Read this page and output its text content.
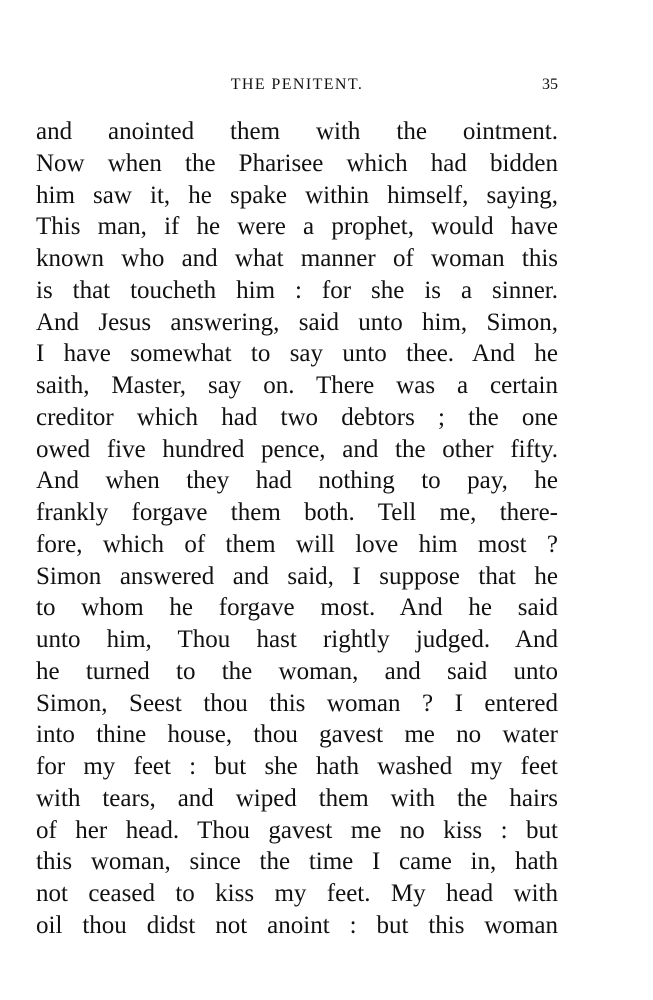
THE PENITENT.	35
and anointed them with the ointment.
Now when the Pharisee which had bidden
him saw it, he spake within himself, saying,
This man, if he were a prophet, would have
known who and what manner of woman this
is that toucheth him : for she is a sinner.
And Jesus answering, said unto him, Simon,
I have somewhat to say unto thee. And he
saith, Master, say on. There was a certain
creditor which had two debtors ; the one
owed five hundred pence, and the other fifty.
And when they had nothing to pay, he
frankly forgave them both. Tell me, there-
fore, which of them will love him most ?
Simon answered and said, I suppose that he
to whom he forgave most. And he said
unto him, Thou hast rightly judged. And
he turned to the woman, and said unto
Simon, Seest thou this woman ? I entered
into thine house, thou gavest me no water
for my feet : but she hath washed my feet
with tears, and wiped them with the hairs
of her head. Thou gavest me no kiss : but
this woman, since the time I came in, hath
not ceased to kiss my feet. My head with
oil thou didst not anoint : but this woman
